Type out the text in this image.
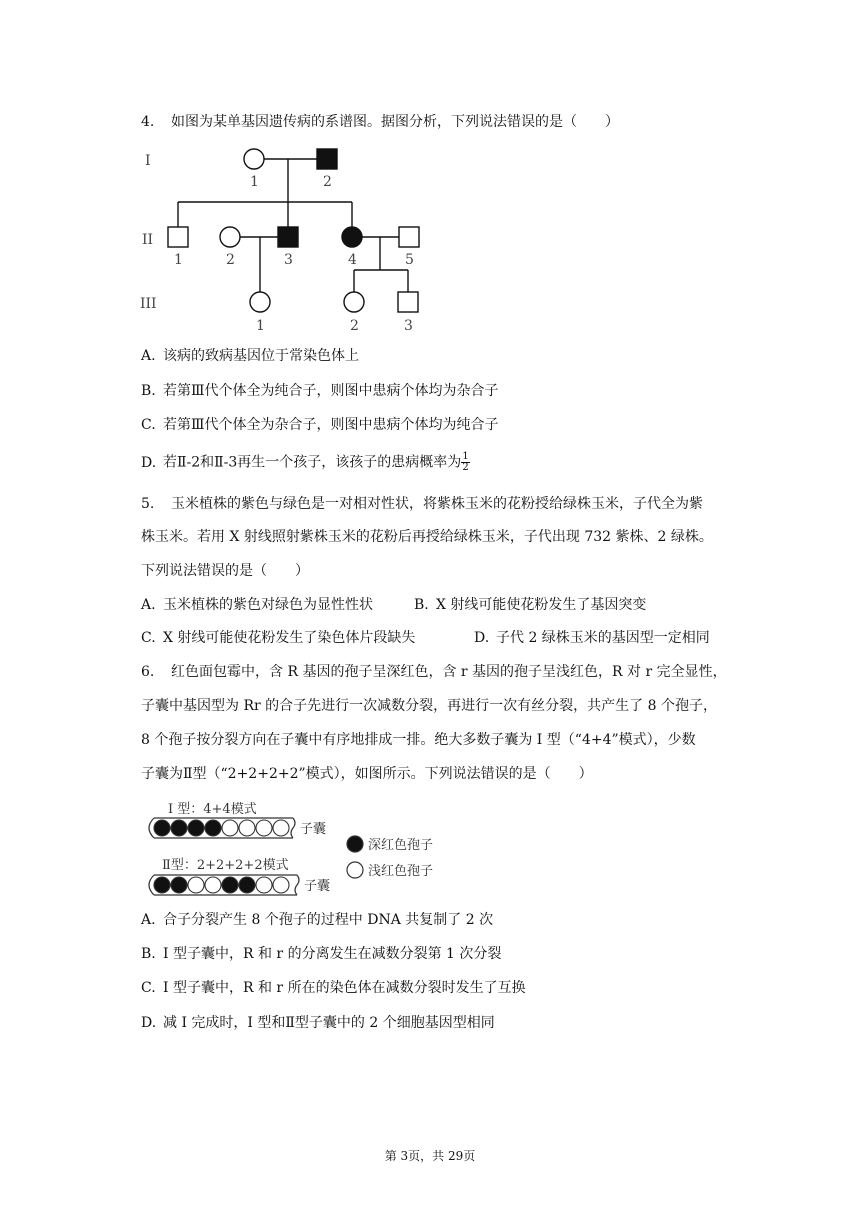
4. 如图为某单基因遗传病的系谱图。据图分析，下列说法错误的是（　　）
I
II
III
1	2
1	2	3	4	5
1	2	3
A. 该病的致病基因位于常染色体上
B. 若第Ⅲ代个体全为纯合子，则图中患病个体均为杂合子
C. 若第Ⅲ代个体全为杂合子，则图中患病个体均为纯合子
D. 若Ⅱ-2和Ⅱ-3再生一个孩子，该孩子的患病概率为 $\frac{1}{2}$
5. 玉米植株的紫色与绿色是一对相对性状，将紫株玉米的花粉授给绿株玉米，子代全为紫
株玉米。若用 X 射线照射紫株玉米的花粉后再授给绿株玉米，子代出现 732 紫株、2 绿株。
下列说法错误的是（　　）
A. 玉米植株的紫色对绿色为显性性状	B. X 射线可能使花粉发生了基因突变
C. X 射线可能使花粉发生了染色体片段缺失	D. 子代 2 绿株玉米的基因型一定相同
6. 红色面包霉中，含 R 基因的孢子呈深红色，含 r 基因的孢子呈浅红色，R 对 r 完全显性，
子囊中基因型为 Rr 的合子先进行一次减数分裂，再进行一次有丝分裂，共产生了 8 个孢子，
8 个孢子按分裂方向在子囊中有序地排成一排。绝大多数子囊为 I 型（“4+4”模式），少数
子囊为Ⅱ型（“2+2+2+2”模式），如图所示。下列说法错误的是（　　）
I 型：4+4模式
Ⅱ型：2+2+2+2模式
子囊
子囊
深红色孢子
浅红色孢子
A. 合子分裂产生 8 个孢子的过程中 DNA 共复制了 2 次
B. I 型子囊中，R 和 r 的分离发生在减数分裂第 1 次分裂
C. I 型子囊中，R 和 r 所在的染色体在减数分裂时发生了互换
D. 减 I 完成时，I 型和Ⅱ型子囊中的 2 个细胞基因型相同
第 3页，共 29页
